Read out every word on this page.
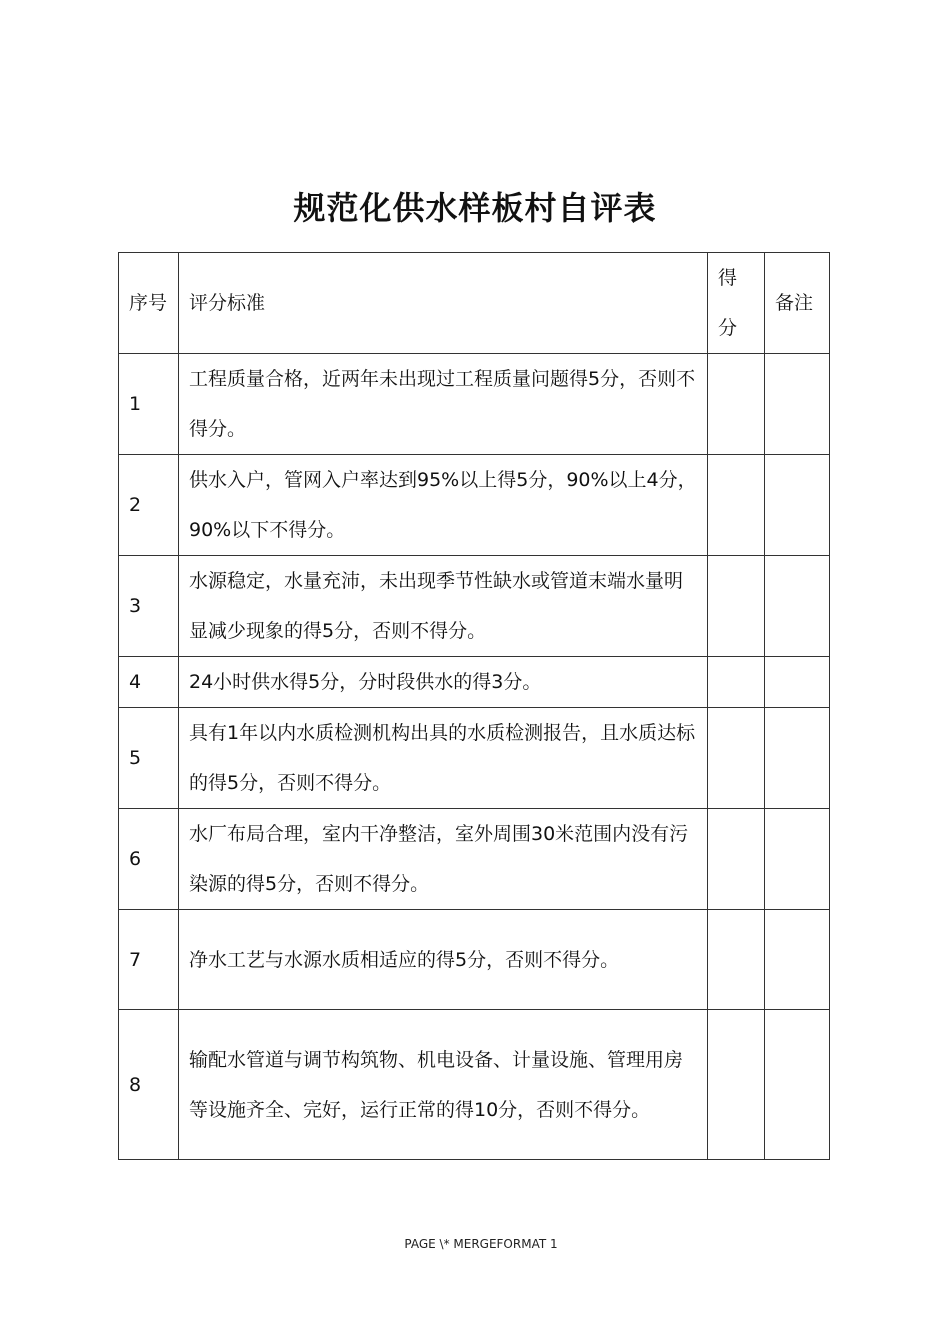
规范化供水样板村自评表
序号	评分标准	得分	备注
1	工程质量合格，近两年未出现过工程质量问题得5分，否则不得分。		
2	供水入户，管网入户率达到95%以上得5分，90%以上4分，90%以下不得分。		
3	水源稳定，水量充沛，未出现季节性缺水或管道末端水量明显减少现象的得5分，否则不得分。		
4	24小时供水得5分，分时段供水的得3分。		
5	具有1年以内水质检测机构出具的水质检测报告，且水质达标的得5分，否则不得分。		
6	水厂布局合理，室内干净整洁，室外周围30米范围内没有污染源的得5分，否则不得分。		
7	净水工艺与水源水质相适应的得5分，否则不得分。		
8	输配水管道与调节构筑物、机电设备、计量设施、管理用房等设施齐全、完好，运行正常的得10分，否则不得分。		
PAGE \* MERGEFORMAT 1
